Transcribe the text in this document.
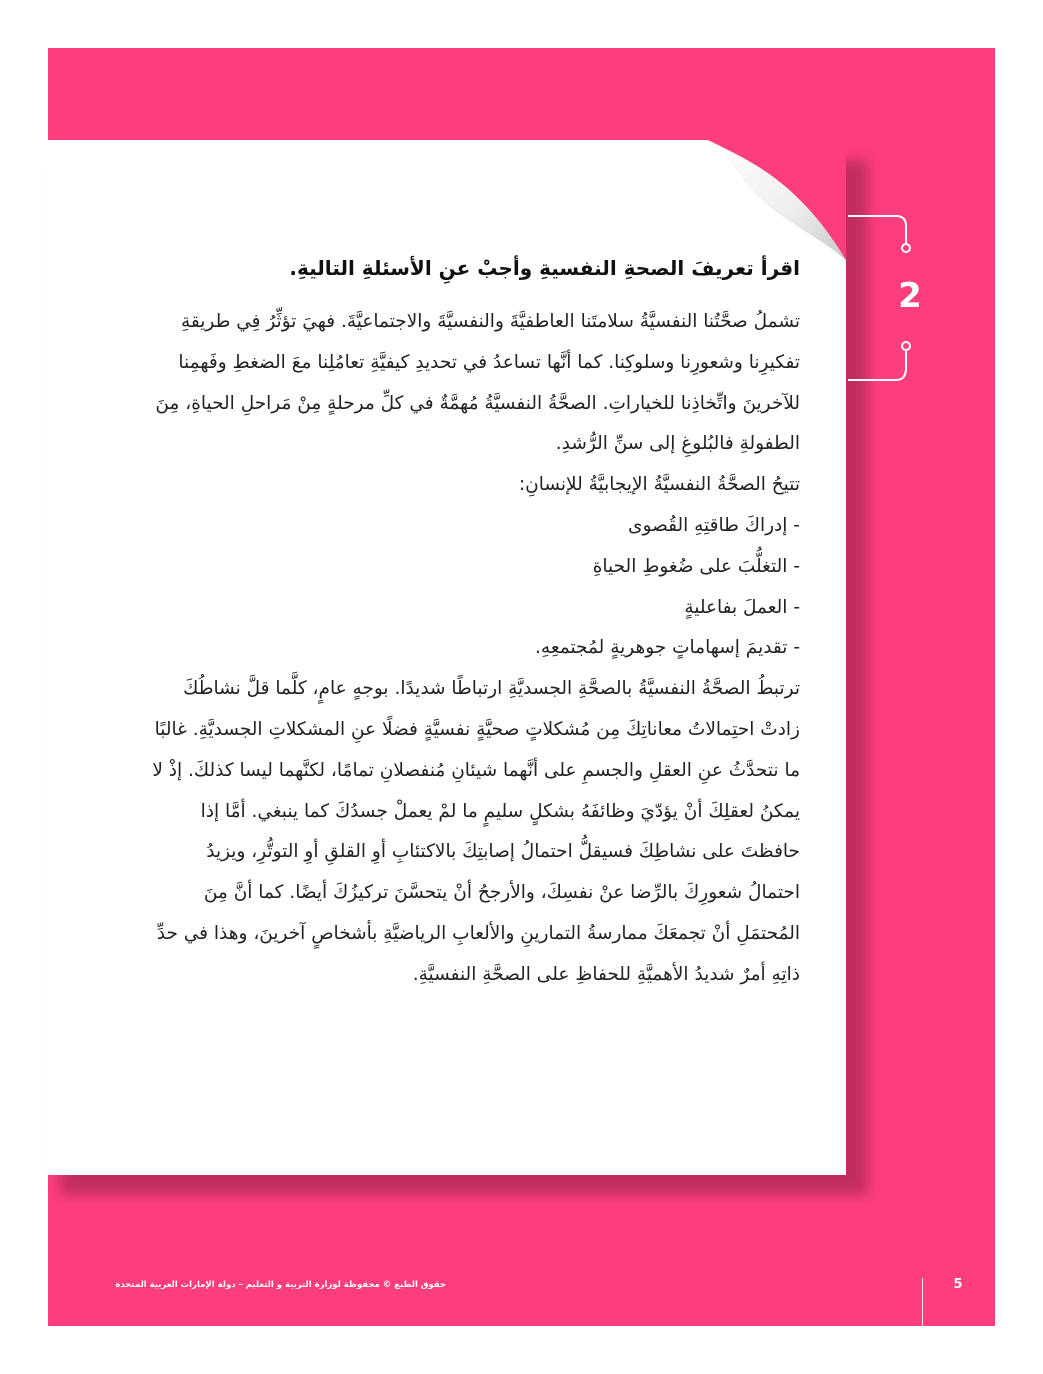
2

اقرأ تعريفَ الصحةِ النفسيةِ وأجبْ عنِ الأسئلةِ التاليةِ.

تشملُ صحَّتُنا النفسيَّةُ سلامتَنا العاطفيَّةَ والنفسيَّةَ والاجتماعيَّةَ. فهيَ تؤثِّرُ فِي طريقةِ تفكيرِنا وشعورِنا وسلوكِنا. كما أنَّها تساعدُ في تحديدِ كيفيَّةِ تعامُلِنا معَ الضغطِ وفَهمِنا للآخرينَ واتِّخاذِنا للخياراتِ. الصحَّةُ النفسيَّةُ مُهمَّةٌ في كلِّ مرحلةٍ مِنْ مَراحلِ الحياةِ، مِنَ الطفولةِ فالبُلوغِ إلى سنِّ الرُّشدِ.

تتيحُ الصحَّةُ النفسيَّةُ الإيجابيَّةُ للإنسانِ:

- إدراكَ طاقتِهِ القُصوى

- التغلُّبَ على ضُغوطِ الحياةِ

- العملَ بفاعليةٍ

- تقديمَ إسهاماتٍ جوهريةٍ لمُجتمعِهِ.

ترتبطُ الصحَّةُ النفسيَّةُ بالصحَّةِ الجسديَّةِ ارتباطًا شديدًا. بوجهٍ عامٍ، كلَّما قلَّ نشاطُكَ زادتْ احتِمالاتُ معاناتِكَ مِن مُشكلاتٍ صحيَّةٍ نفسيَّةٍ فضلًا عنِ المشكلاتِ الجسديَّةِ. غالبًا ما نتحدَّثُ عنِ العقلِ والجسمِ على أنَّهما شيئانِ مُنفصلانِ تمامًا، لكنَّهما ليسا كذلكَ. إذْ لا يمكنُ لعقلِكَ أنْ يؤدّيَ وظائفَهُ بشكلٍ سليمٍ ما لمْ يعملْ جسدُكَ كما ينبغي. أمَّا إذا حافظتَ على نشاطِكَ فسيقلُّ احتمالُ إصابتِكَ بالاكتئابِ أوِ القلقِ أوِ التوتُّرِ، ويزيدُ احتمالُ شعورِكَ بالرِّضا عنْ نفسِكَ، والأرجحُ أنْ يتحسَّنَ تركيزُكَ أيضًا. كما أنَّ مِنَ المُحتمَلِ أنْ تجمعَكَ ممارسةُ التمارينِ والألعابِ الرياضيَّةِ بأشخاصٍ آخرينَ، وهذا في حدِّ ذاتِهِ أمرٌ شديدُ الأهميَّةِ للحفاظِ على الصحَّةِ النفسيَّةِ.

حقوق الطبع © محفوظة لوزارة التربية و التعليم – دولة الإمارات العربية المتحدة	5
